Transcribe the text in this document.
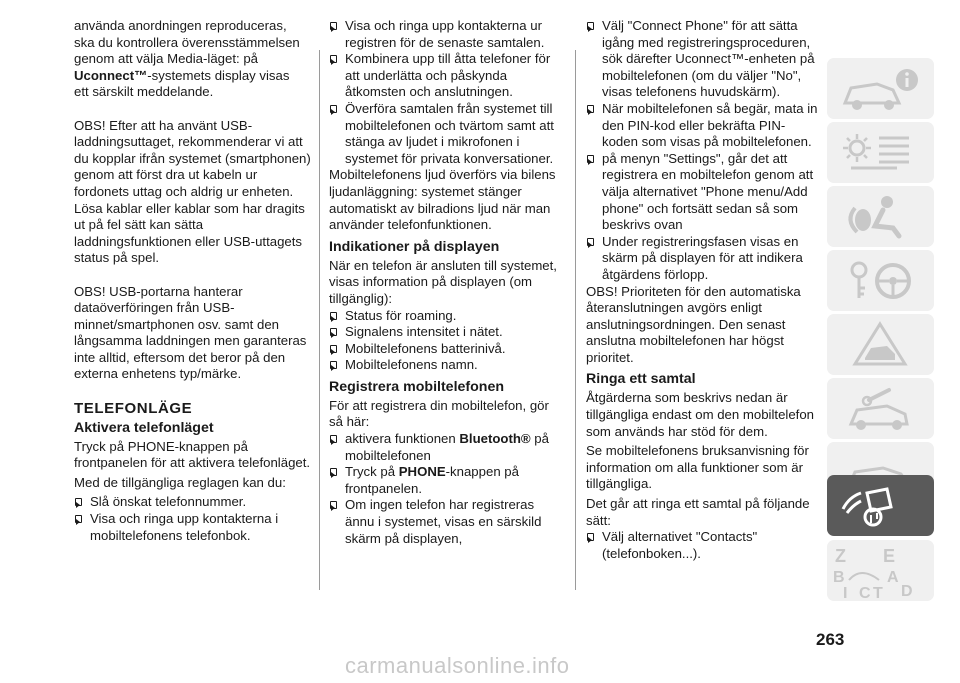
använda anordningen reproduceras,
ska du kontrollera överensstämmelsen
genom att välja Media-läget: på
Uconnect™-systemets display visas
ett särskilt meddelande.

OBS! Efter att ha använt USB-laddningsuttaget, rekommenderar vi att du kopplar ifrån systemet (smartphonen) genom att först dra ut kabeln ur fordonets uttag och aldrig ur enheten. Lösa kablar eller kablar som har dragits ut på fel sätt kan sätta laddningsfunktionen eller USB-uttagets status på spel.

OBS! USB-portarna hanterar dataöverföringen från USB-minnet/smartphonen osv. samt den långsamma laddningen men garanteras inte alltid, eftersom det beror på den externa enhetens typ/märke.

TELEFONLÄGE
Aktivera telefonläget

Tryck på PHONE-knappen på frontpanelen för att aktivera telefonläget.

Med de tillgängliga reglagen kan du:

Slå önskat telefonnummer.

Visa och ringa upp kontakterna i mobiltelefonens telefonbok.

Visa och ringa upp kontakterna ur registren för de senaste samtalen.

Kombinera upp till åtta telefoner för att underlätta och påskynda åtkomsten och anslutningen.

Överföra samtalen från systemet till mobiltelefonen och tvärtom samt att stänga av ljudet i mikrofonen i systemet för privata konversationer.

Mobiltelefonens ljud överförs via bilens ljudanläggning: systemet stänger automatiskt av bilradions ljud när man använder telefonfunktionen.

Indikationer på displayen

När en telefon är ansluten till systemet, visas information på displayen (om tillgänglig):

Status för roaming.

Signalens intensitet i nätet.

Mobiltelefonens batterinivå.

Mobiltelefonens namn.

Registrera mobiltelefonen

För att registrera din mobiltelefon, gör så här:

aktivera funktionen Bluetooth® på mobiltelefonen

Tryck på PHONE-knappen på frontpanelen.

Om ingen telefon har registreras ännu i systemet, visas en särskild skärm på displayen,

Välj "Connect Phone" för att sätta igång med registreringsproceduren, sök därefter Uconnect™-enheten på mobiltelefonen (om du väljer "No", visas telefonens huvudskärm).

När mobiltelefonen så begär, mata in den PIN-kod eller bekräfta PIN-koden som visas på mobiltelefonen.

på menyn "Settings", går det att registrera en mobiltelefon genom att välja alternativet "Phone menu/Add phone" och fortsätt sedan så som beskrivs ovan

Under registreringsfasen visas en skärm på displayen för att indikera åtgärdens förlopp.

OBS! Prioriteten för den automatiska återanslutningen avgörs enligt anslutningsordningen. Den senast anslutna mobiltelefonen har högst prioritet.

Ringa ett samtal

Åtgärderna som beskrivs nedan är tillgängliga endast om den mobiltelefon som används har stöd för dem.

Se mobiltelefonens bruksanvisning för information om alla funktioner som är tillgängliga.

Det går att ringa ett samtal på följande sätt:

Välj alternativet "Contacts" (telefonboken...).	Z E
B	A
I C T D
263
carmanualsonline.info
